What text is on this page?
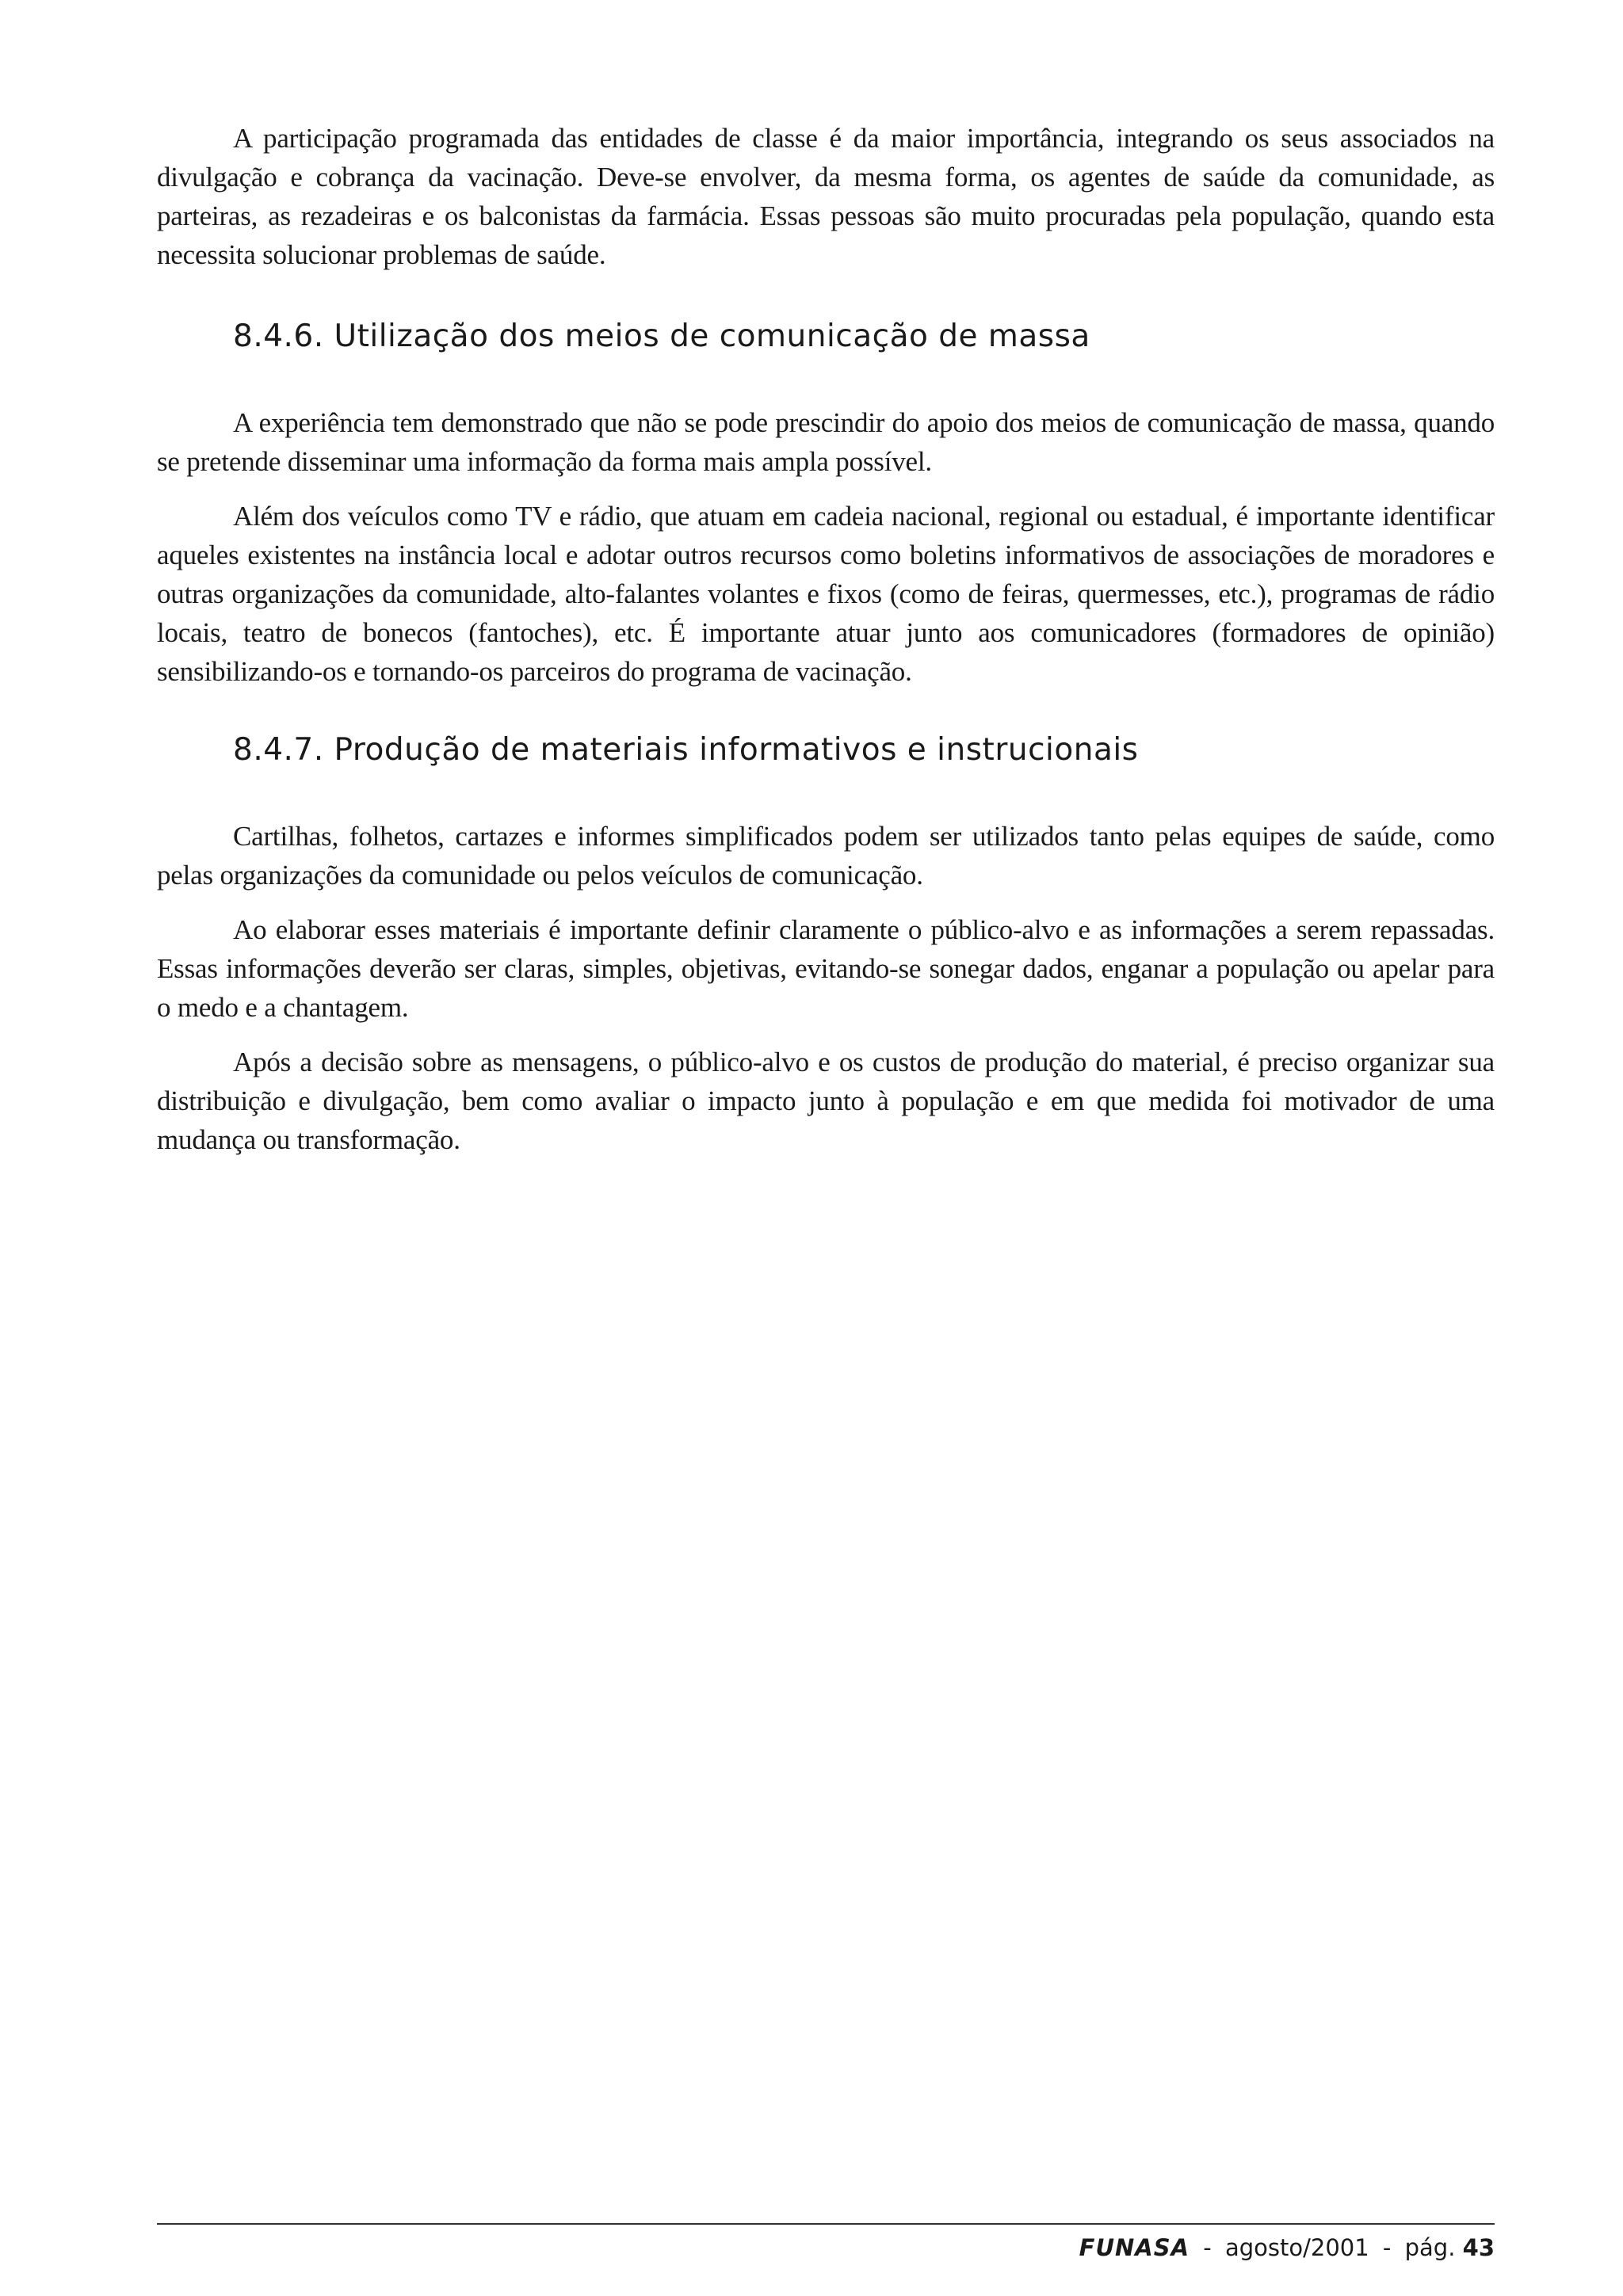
A participação programada das entidades de classe é da maior importância, integrando os seus associados na divulgação e cobrança da vacinação. Deve-se envolver, da mesma forma, os agentes de saúde da comunidade, as parteiras, as rezadeiras e os balconistas da farmácia. Essas pessoas são muito procuradas pela população, quando esta necessita solucionar problemas de saúde.

8.4.6. Utilização dos meios de comunicação de massa

A experiência tem demonstrado que não se pode prescindir do apoio dos meios de comunicação de massa, quando se pretende disseminar uma informação da forma mais ampla possível.

Além dos veículos como TV e rádio, que atuam em cadeia nacional, regional ou estadual, é importante identificar aqueles existentes na instância local e adotar outros recursos como boletins informativos de associações de moradores e outras organizações da comunidade, alto-falantes volantes e fixos (como de feiras, quermesses, etc.), programas de rádio locais, teatro de bonecos (fantoches), etc. É importante atuar junto aos comunicadores (formadores de opinião) sensibilizando-os e tornando-os parceiros do programa de vacinação.

8.4.7. Produção de materiais informativos e instrucionais

Cartilhas, folhetos, cartazes e informes simplificados podem ser utilizados tanto pelas equipes de saúde, como pelas organizações da comunidade ou pelos veículos de comunicação.

Ao elaborar esses materiais é importante definir claramente o público-alvo e as informações a serem repassadas. Essas informações deverão ser claras, simples, objetivas, evitando-se sonegar dados, enganar a população ou apelar para o medo e a chantagem.

Após a decisão sobre as mensagens, o público-alvo e os custos de produção do material, é preciso organizar sua distribuição e divulgação, bem como avaliar o impacto junto à população e em que medida foi motivador de uma mudança ou transformação.

FUNASA - agosto/2001 - pág. 43
